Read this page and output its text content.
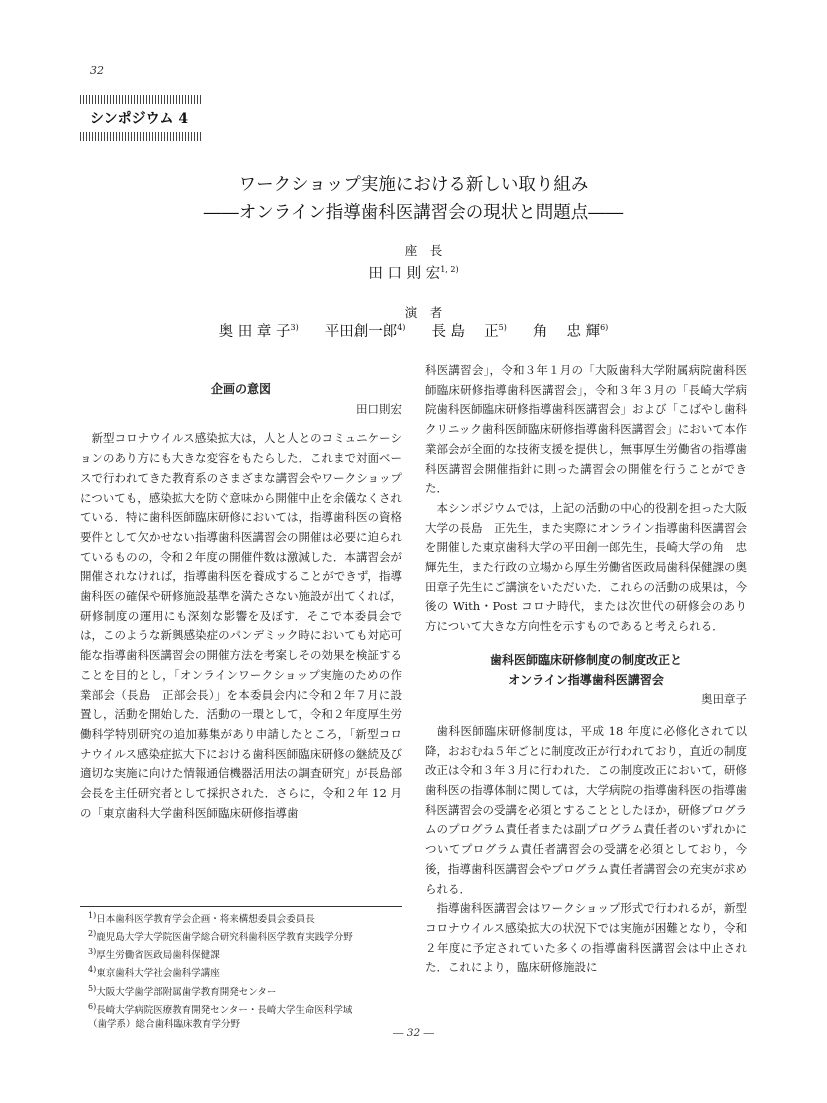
32
シンポジウム 4
ワークショップ実施における新しい取り組み
――オンライン指導歯科医講習会の現状と問題点――
座　長
田 口 則 宏$^{1, 2)}$
演　者
奥 田 章 子$^{3)}$ 平田創一郎$^{4)}$ 長 島　 正$^{5)}$ 角　 忠 輝$^{6)}$
企画の意図
田口則宏

新型コロナウイルス感染拡大は，人と人とのコミュニケーションのあり方にも大きな変容をもたらした．これまで対面ベースで行われてきた教育系のさまざまな講習会やワークショップについても，感染拡大を防ぐ意味から開催中止を余儀なくされている．特に歯科医師臨床研修においては，指導歯科医の資格要件として欠かせない指導歯科医講習会の開催は必要に迫られているものの，令和２年度の開催件数は激減した．本講習会が開催されなければ，指導歯科医を養成することができず，指導歯科医の確保や研修施設基準を満たさない施設が出てくれば，研修制度の運用にも深刻な影響を及ぼす．そこで本委員会では，このような新興感染症のパンデミック時においても対応可能な指導歯科医講習会の開催方法を考案しその効果を検証することを目的とし，「オンラインワークショップ実施のための作業部会（長島　正部会長）」を本委員会内に令和２年７月に設置し，活動を開始した．活動の一環として，令和２年度厚生労働科学特別研究の追加募集があり申請したところ，「新型コロナウイルス感染症拡大下における歯科医師臨床研修の継続及び適切な実施に向けた情報通信機器活用法の調査研究」が長島部会長を主任研究者として採択された．さらに，令和２年 12 月の「東京歯科大学歯科医師臨床研修指導歯

科医講習会」，令和３年１月の「大阪歯科大学附属病院歯科医師臨床研修指導歯科医講習会」，令和３年３月の「長崎大学病院歯科医師臨床研修指導歯科医講習会」および「こばやし歯科クリニック歯科医師臨床研修指導歯科医講習会」において本作業部会が全面的な技術支援を提供し，無事厚生労働省の指導歯科医講習会開催指針に則った講習会の開催を行うことができた．

本シンポジウムでは，上記の活動の中心的役割を担った大阪大学の長島　正先生，また実際にオンライン指導歯科医講習会を開催した東京歯科大学の平田創一郎先生，長崎大学の角　忠輝先生，また行政の立場から厚生労働省医政局歯科保健課の奥田章子先生にご講演をいただいた．これらの活動の成果は，今後の With・Post コロナ時代，または次世代の研修会のあり方について大きな方向性を示すものであると考えられる．

歯科医師臨床研修制度の制度改正と
オンライン指導歯科医講習会
奥田章子

歯科医師臨床研修制度は，平成 18 年度に必修化されて以降，おおむね５年ごとに制度改正が行われており，直近の制度改正は令和３年３月に行われた．この制度改正において，研修歯科医の指導体制に関しては，大学病院の指導歯科医の指導歯科医講習会の受講を必須とすることとしたほか，研修プログラムのプログラム責任者または副プログラム責任者のいずれかについてプログラム責任者講習会の受講を必須としており，今後，指導歯科医講習会やプログラム責任者講習会の充実が求められる．

指導歯科医講習会はワークショップ形式で行われるが，新型コロナウイルス感染拡大の状況下では実施が困難となり，令和２年度に予定されていた多くの指導歯科医講習会は中止された．これにより，臨床研修施設に

$^{1)}$日本歯科医学教育学会企画・将来構想委員会委員長
$^{2)}$鹿児島大学大学院医歯学総合研究科歯科医学教育実践学分野
$^{3)}$厚生労働省医政局歯科保健課
$^{4)}$東京歯科大学社会歯科学講座
$^{5)}$大阪大学歯学部附属歯学教育開発センター
$^{6)}$長崎大学病院医療教育開発センター・長崎大学生命医科学域
（歯学系）総合歯科臨床教育学分野
― 32 ―
